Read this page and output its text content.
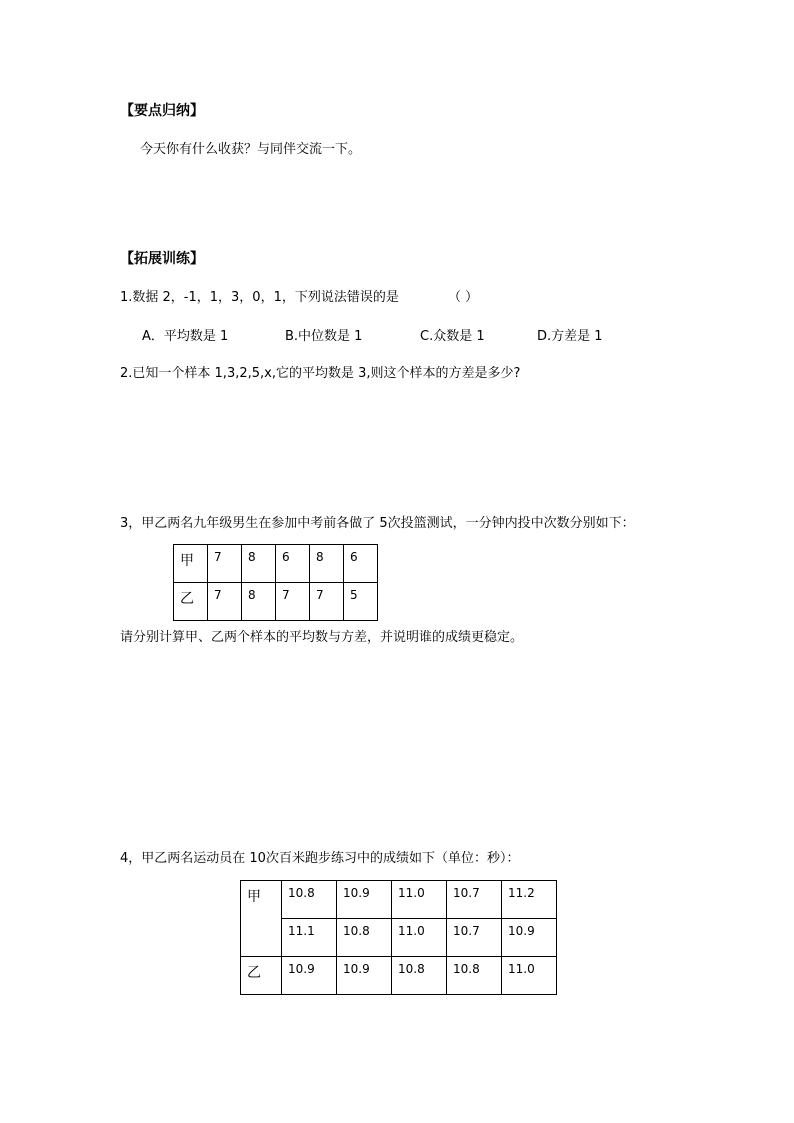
【要点归纳】
今天你有什么收获？与同伴交流一下。
【拓展训练】
1.数据 2，-1，1，3，0，1，下列说法错误的是	（ ）
A．平均数是 1	B.中位数是 1	C.众数是 1	D.方差是 1
2.已知一个样本 1,3,2,5,x,它的平均数是 3,则这个样本的方差是多少?
3，甲乙两名九年级男生在参加中考前各做了 5次投篮测试，一分钟内投中次数分别如下：
甲	7	8	6	8	6
乙	7	8	7	7	5
请分别计算甲、乙两个样本的平均数与方差，并说明谁的成绩更稳定。
4，甲乙两名运动员在 10次百米跑步练习中的成绩如下（单位：秒）：
甲	10.8	10.9	11.0	10.7	11.2
	11.1	10.8	11.0	10.7	10.9
乙	10.9	10.9	10.8	10.8	11.0
